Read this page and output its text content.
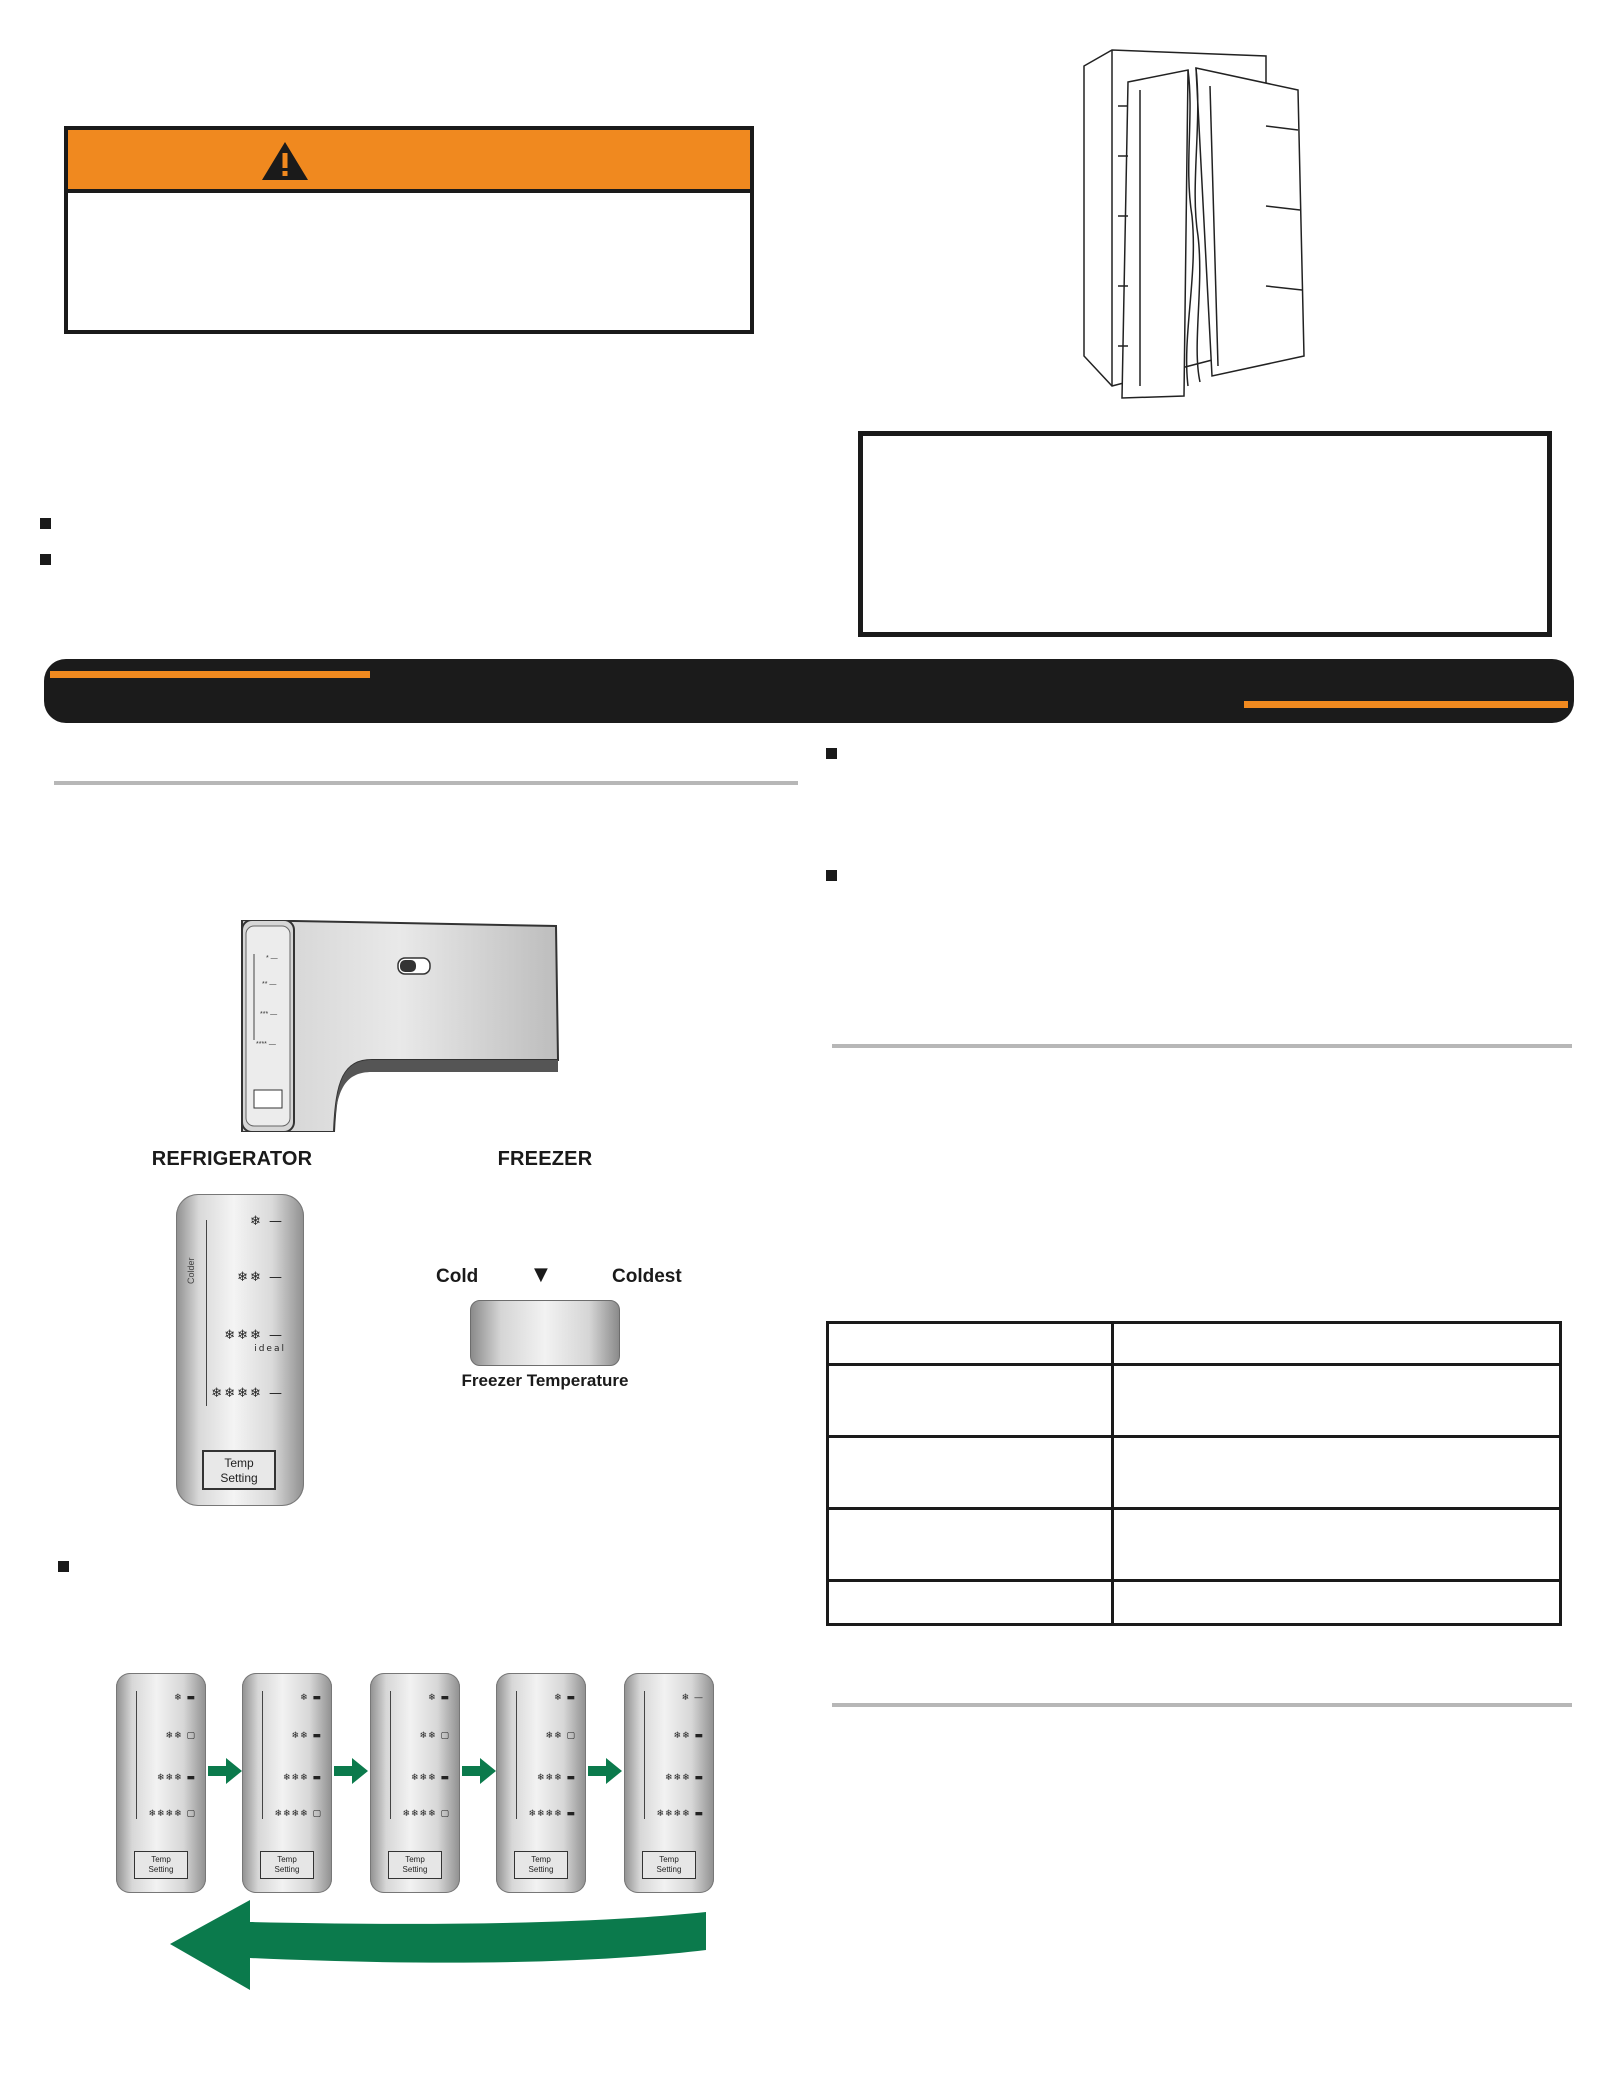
* —
** —
*** —
**** —
REFRIGERATOR	FREEZER
Colder
❄ —
❄❄ —
❄❄❄ —
ideal
❄❄❄❄ —
Temp
Setting
Cold	▼	Coldest
Freezer Temperature
❄ ▬
❄❄ ▢
❄❄❄ ▬
❄❄❄❄ ▢
Temp
Setting
❄ ▬
❄❄ ▬
❄❄❄ ▬
❄❄❄❄ ▢
Temp
Setting
❄ ▬
❄❄ ▢
❄❄❄ ▬
❄❄❄❄ ▢
Temp
Setting
❄ ▬
❄❄ ▢
❄❄❄ ▬
❄❄❄❄ ▬
Temp
Setting
❄ —
❄❄ ▬
❄❄❄ ▬
❄❄❄❄ ▬
Temp
Setting
